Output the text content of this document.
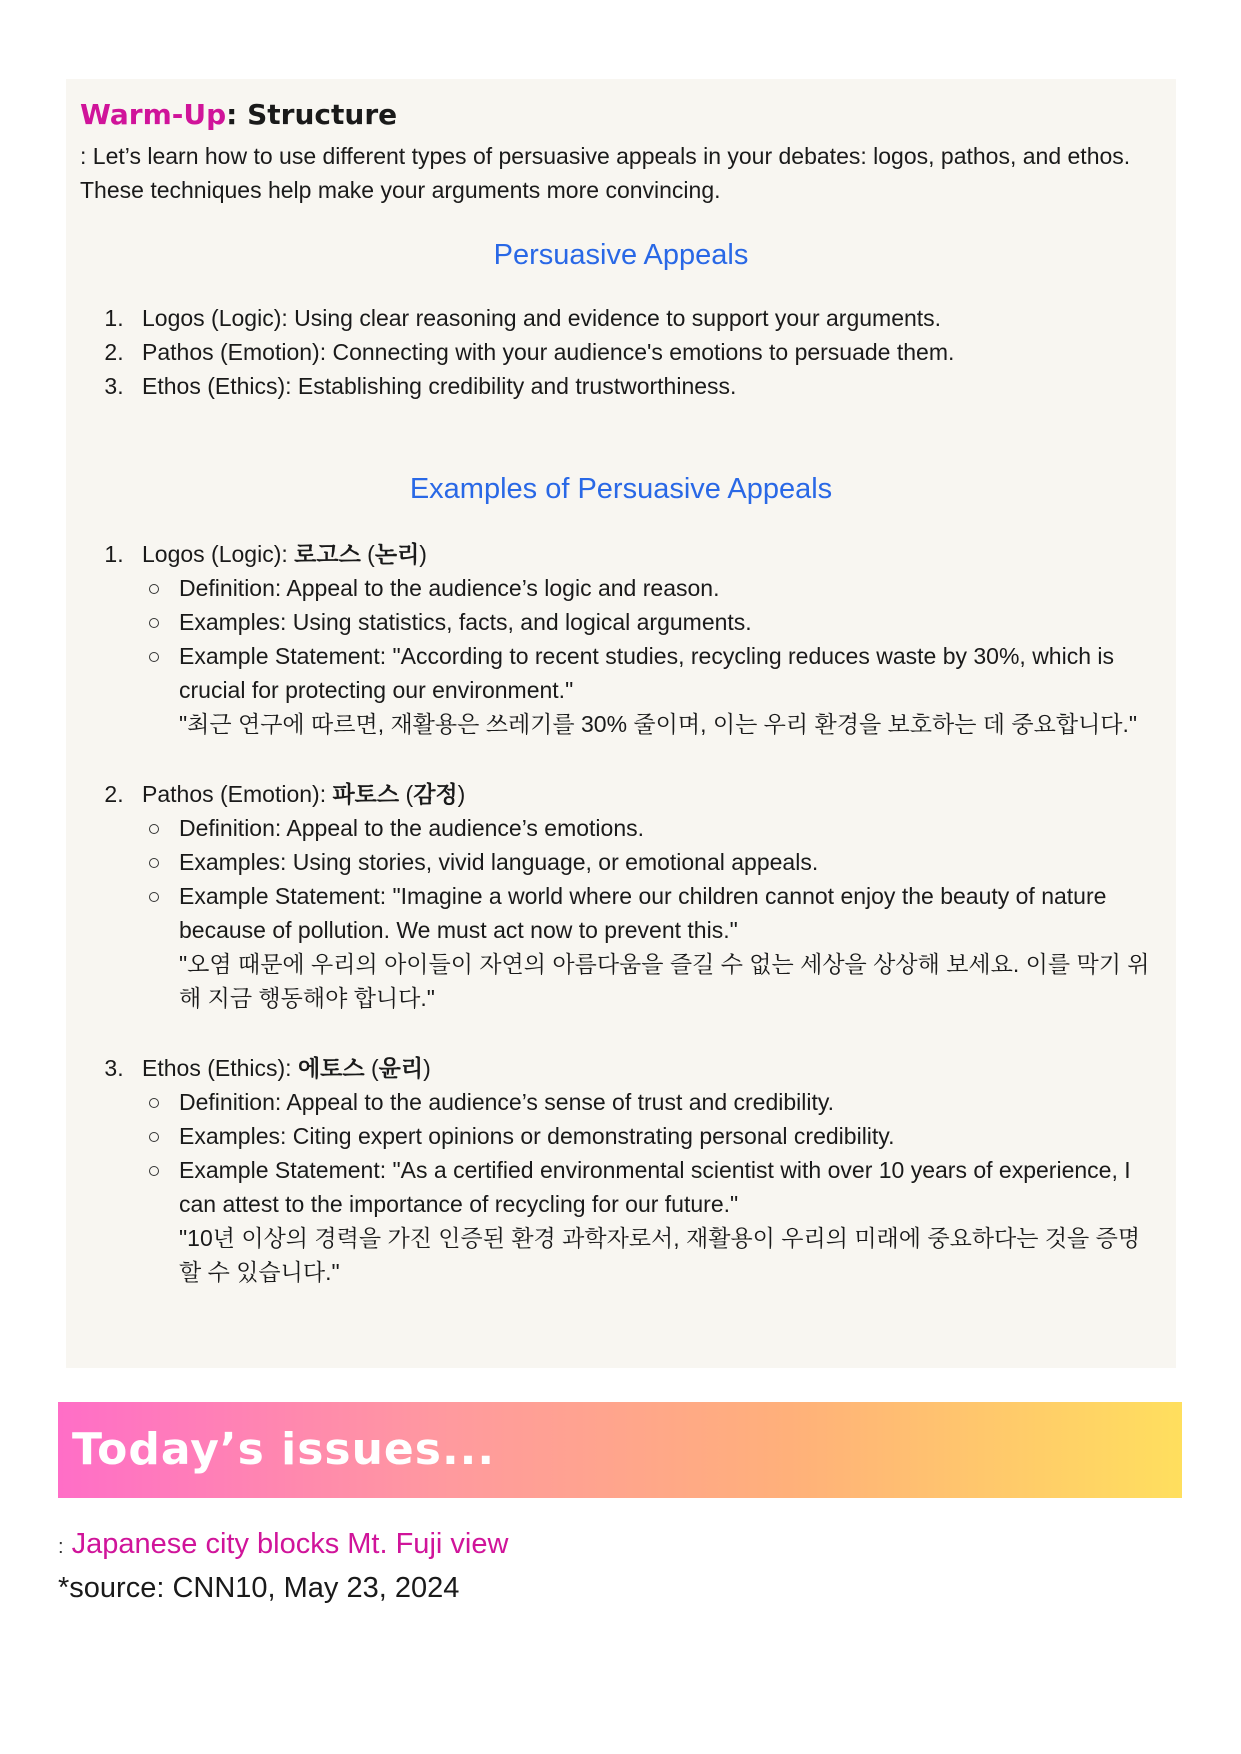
Warm-Up: Structure

: Let’s learn how to use different types of persuasive appeals in your debates: logos, pathos, and ethos. These techniques help make your arguments more convincing.

Persuasive Appeals
1. Logos (Logic): Using clear reasoning and evidence to support your arguments.
2. Pathos (Emotion): Connecting with your audience's emotions to persuade them.
3. Ethos (Ethics): Establishing credibility and trustworthiness.
Examples of Persuasive Appeals
1. Logos (Logic): 로고스 (논리)
Definition: Appeal to the audience’s logic and reason.
Examples: Using statistics, facts, and logical arguments.
Example Statement: "According to recent studies, recycling reduces waste by 30%, which is crucial for protecting our environment."
"최근 연구에 따르면, 재활용은 쓰레기를 30% 줄이며, 이는 우리 환경을 보호하는 데 중요합니다."
2. Pathos (Emotion): 파토스 (감정)
Definition: Appeal to the audience’s emotions.
Examples: Using stories, vivid language, or emotional appeals.
Example Statement: "Imagine a world where our children cannot enjoy the beauty of nature because of pollution. We must act now to prevent this."
"오염 때문에 우리의 아이들이 자연의 아름다움을 즐길 수 없는 세상을 상상해 보세요. 이를 막기 위해 지금 행동해야 합니다."
3. Ethos (Ethics): 에토스 (윤리)
Definition: Appeal to the audience’s sense of trust and credibility.
Examples: Citing expert opinions or demonstrating personal credibility.
Example Statement: "As a certified environmental scientist with over 10 years of experience, I can attest to the importance of recycling for our future."
"10년 이상의 경력을 가진 인증된 환경 과학자로서, 재활용이 우리의 미래에 중요하다는 것을 증명할 수 있습니다."
Today’s issues...

: Japanese city blocks Mt. Fuji view

*source: CNN10, May 23, 2024
